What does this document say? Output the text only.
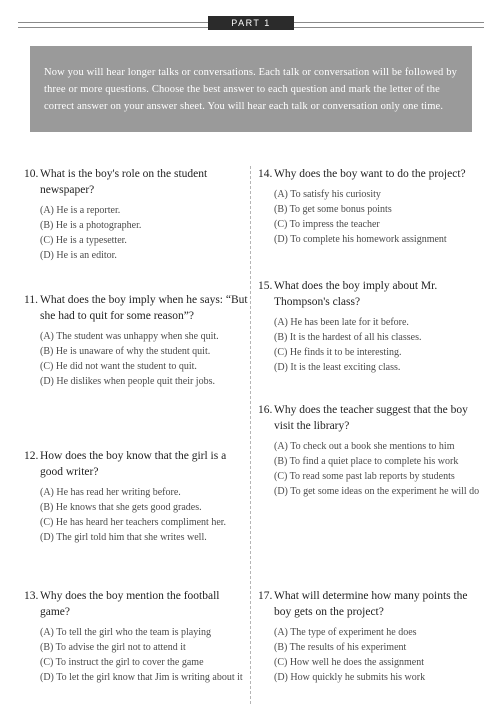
PART 1
Now you will hear longer talks or conversations. Each talk or conversation will be followed by three or more questions. Choose the best answer to each question and mark the letter of the correct answer on your answer sheet. You will hear each talk or conversation only one time.

10. What is the boy's role on the student newspaper?

(A) He is a reporter.
(B) He is a photographer.
(C) He is a typesetter.
(D) He is an editor.

11. What does the boy imply when he says: “But she had to quit for some reason”?

(A) The student was unhappy when she quit.
(B) He is unaware of why the student quit.
(C) He did not want the student to quit.
(D) He dislikes when people quit their jobs.

12. How does the boy know that the girl is a good writer?

(A) He has read her writing before.
(B) He knows that she gets good grades.
(C) He has heard her teachers compliment her.
(D) The girl told him that she writes well.

13. Why does the boy mention the football game?

(A) To tell the girl who the team is playing
(B) To advise the girl not to attend it
(C) To instruct the girl to cover the game
(D) To let the girl know that Jim is writing about it

14. Why does the boy want to do the project?

(A) To satisfy his curiosity
(B) To get some bonus points
(C) To impress the teacher
(D) To complete his homework assignment

15. What does the boy imply about Mr. Thompson's class?

(A) He has been late for it before.
(B) It is the hardest of all his classes.
(C) He finds it to be interesting.
(D) It is the least exciting class.

16. Why does the teacher suggest that the boy visit the library?

(A) To check out a book she mentions to him
(B) To find a quiet place to complete his work
(C) To read some past lab reports by students
(D) To get some ideas on the experiment he will do

17. What will determine how many points the boy gets on the project?

(A) The type of experiment he does
(B) The results of his experiment
(C) How well he does the assignment
(D) How quickly he submits his work
